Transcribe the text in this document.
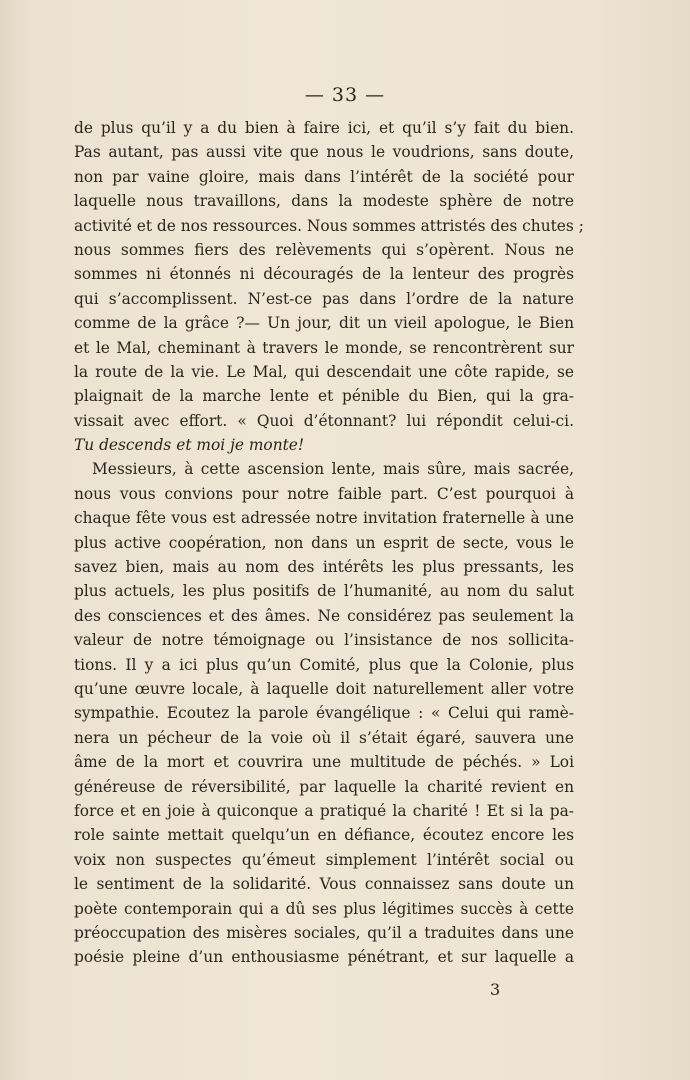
— 33 —
de plus qu’il y a du bien à faire ici, et qu’il s’y fait du bien.
Pas autant, pas aussi vite que nous le voudrions, sans doute,
non par vaine gloire, mais dans l’intérêt de la société pour
laquelle nous travaillons, dans la modeste sphère de notre
activité et de nos ressources. Nous sommes attristés des chutes ;
nous sommes fiers des relèvements qui s’opèrent. Nous ne
sommes ni étonnés ni découragés de la lenteur des progrès
qui s’accomplissent. N’est-ce pas dans l’ordre de la nature
comme de la grâce ?— Un jour, dit un vieil apologue, le Bien
et le Mal, cheminant à travers le monde, se rencontrèrent sur
la route de la vie. Le Mal, qui descendait une côte rapide, se
plaignait de la marche lente et pénible du Bien, qui la gra-
vissait avec effort. « Quoi d’étonnant? lui répondit celui-ci.
Tu descends et moi je monte!
Messieurs, à cette ascension lente, mais sûre, mais sacrée,
nous vous convions pour notre faible part. C’est pourquoi à
chaque fête vous est adressée notre invitation fraternelle à une
plus active coopération, non dans un esprit de secte, vous le
savez bien, mais au nom des intérêts les plus pressants, les
plus actuels, les plus positifs de l’humanité, au nom du salut
des consciences et des âmes. Ne considérez pas seulement la
valeur de notre témoignage ou l’insistance de nos sollicita-
tions. Il y a ici plus qu’un Comité, plus que la Colonie, plus
qu’une œuvre locale, à laquelle doit naturellement aller votre
sympathie. Ecoutez la parole évangélique : « Celui qui ramè-
nera un pécheur de la voie où il s’était égaré, sauvera une
âme de la mort et couvrira une multitude de péchés. » Loi
généreuse de réversibilité, par laquelle la charité revient en
force et en joie à quiconque a pratiqué la charité ! Et si la pa-
role sainte mettait quelqu’un en défiance, écoutez encore les
voix non suspectes qu’émeut simplement l’intérêt social ou
le sentiment de la solidarité. Vous connaissez sans doute un
poète contemporain qui a dû ses plus légitimes succès à cette
préoccupation des misères sociales, qu’il a traduites dans une
poésie pleine d’un enthousiasme pénétrant, et sur laquelle a
3
